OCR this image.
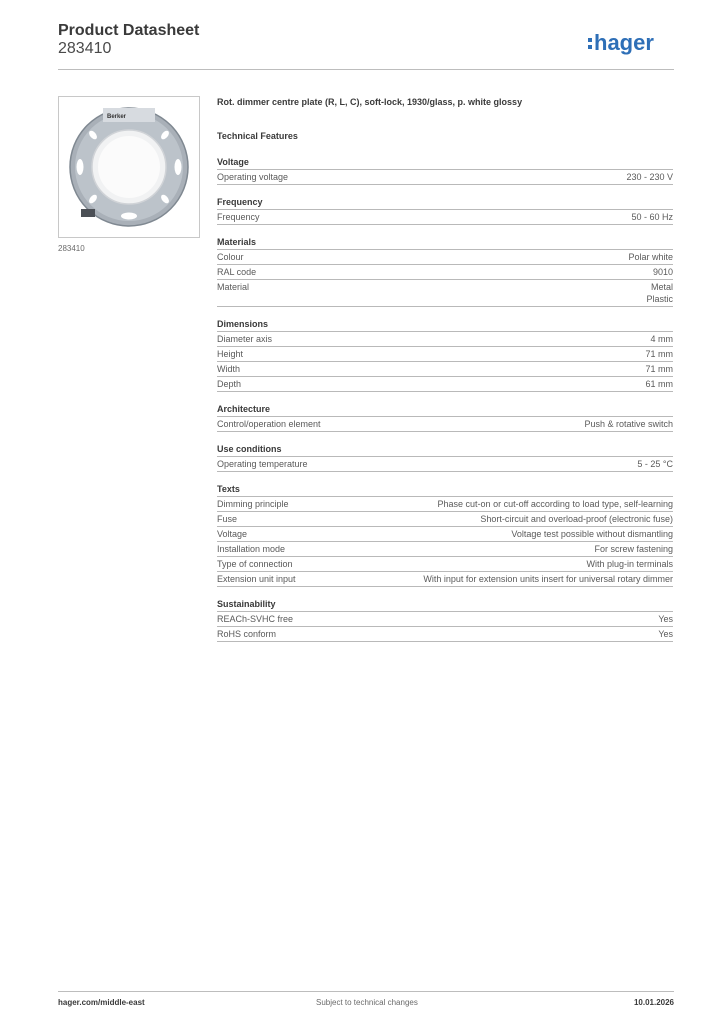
Product Datasheet
283410	hager
Berker
283410
Rot. dimmer centre plate (R, L, C), soft-lock, 1930/glass, p. white glossy
Technical Features
Voltage
Operating voltage	230 - 230 V
Frequency
Frequency	50 - 60 Hz
Materials
Colour	Polar white
RAL code	9010
Material	Metal
Plastic
Dimensions
Diameter axis	4 mm
Height	71 mm
Width	71 mm
Depth	61 mm
Architecture
Control/operation element	Push & rotative switch
Use conditions
Operating temperature	5 - 25 °C
Texts
Dimming principle	Phase cut-on or cut-off according to load type, self-learning
Fuse	Short-circuit and overload-proof (electronic fuse)
Voltage	Voltage test possible without dismantling
Installation mode	For screw fastening
Type of connection	With plug-in terminals
Extension unit input	With input for extension units insert for universal rotary dimmer
Sustainability
REACh-SVHC free	Yes
RoHS conform	Yes
hager.com/middle-east	Subject to technical changes	10.01.2026
